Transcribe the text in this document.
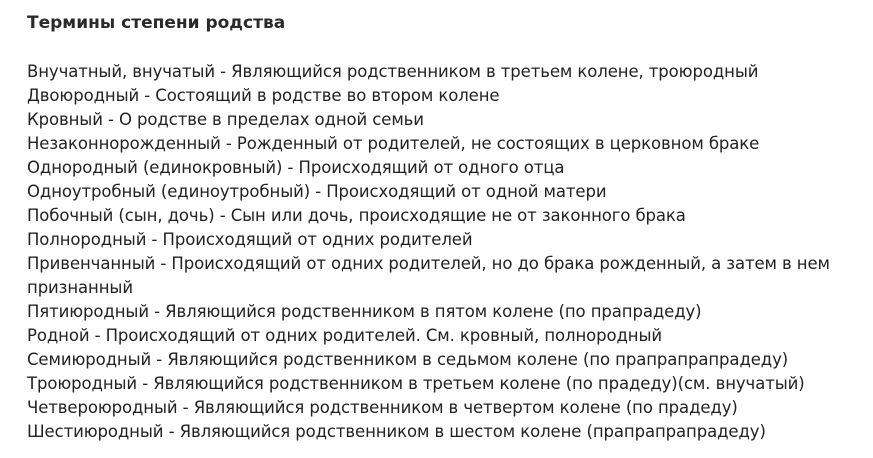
Термины степени родства

Внучатный, внучатый - Являющийся родственником в третьем колене, троюродный

Двоюродный - Состоящий в родстве во втором колене

Кровный - О родстве в пределах одной семьи

Незаконнорожденный - Рожденный от родителей, не состоящих в церковном браке

Однородный (единокровный) - Происходящий от одного отца

Одноутробный (единоутробный) - Происходящий от одной матери

Побочный (сын, дочь) - Сын или дочь, происходящие не от законного брака

Полнородный - Происходящий от одних родителей

Привенчанный - Происходящий от одних родителей, но до брака рожденный, а затем в нем признанный

Пятиюродный - Являющийся родственником в пятом колене (по прапрадеду)

Родной - Происходящий от одних родителей. См. кровный, полнородный

Семиюродный - Являющийся родственником в седьмом колене (по прапрапрапрадеду)

Троюродный - Являющийся родственником в третьем колене (по прадеду)(см. внучатый)

Четвероюродный - Являющийся родственником в четвертом колене (по прадеду)

Шестиюродный - Являющийся родственником в шестом колене (прапрапрапрадеду)
